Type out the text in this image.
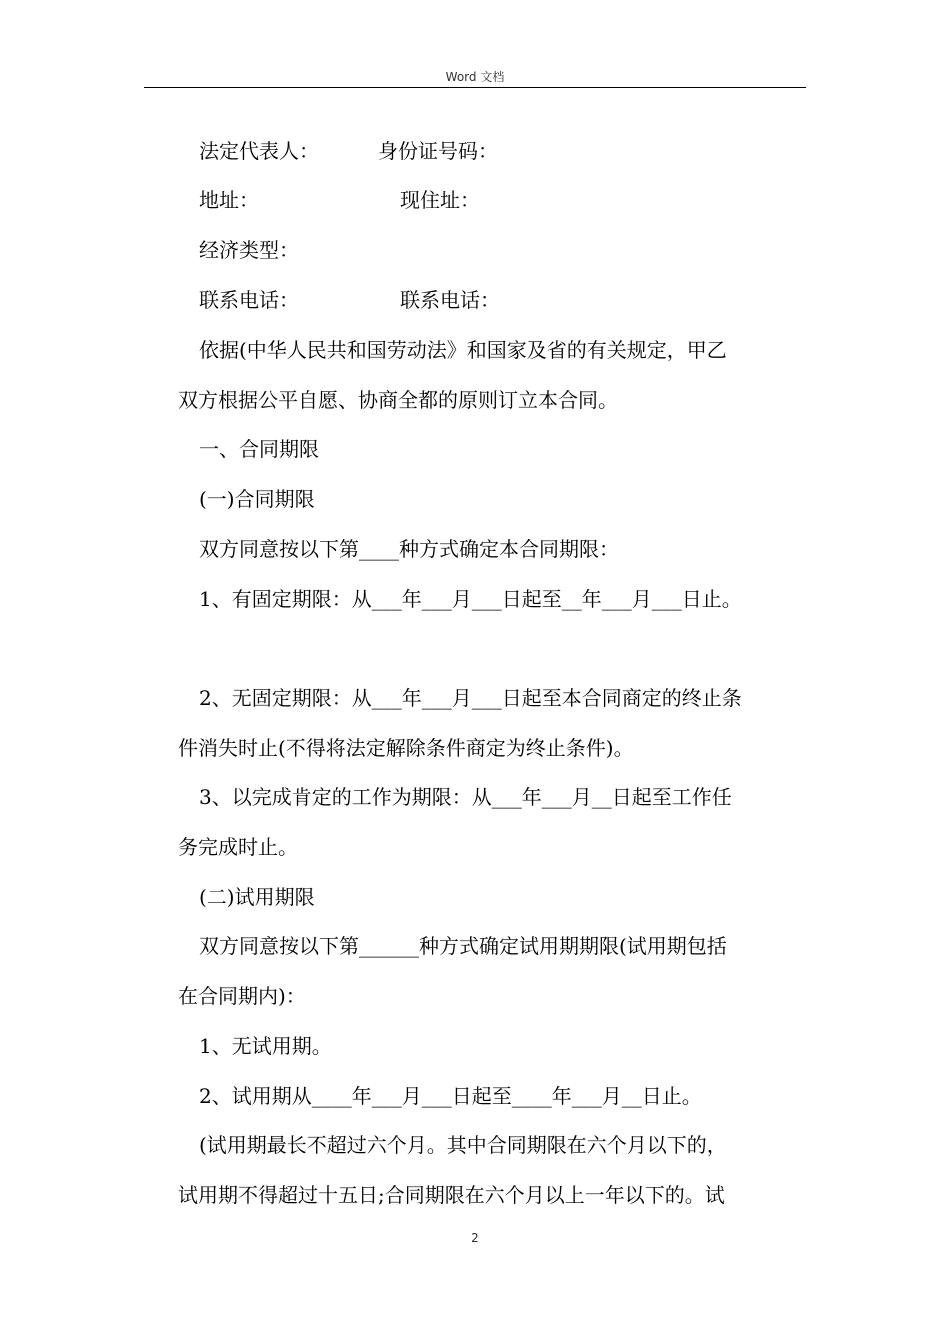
Word 文档
法定代表人：	身份证号码：
地址：	现住址：
经济类型：
联系电话：	联系电话：
依据(中华人民共和国劳动法》和国家及省的有关规定，甲乙
双方根据公平自愿、协商全都的原则订立本合同。
一、合同期限
(一)合同期限
双方同意按以下第____种方式确定本合同期限：
1、有固定期限：从___年___月___日起至__年___月___日止。
2、无固定期限：从___年___月___日起至本合同商定的终止条
件消失时止(不得将法定解除条件商定为终止条件)。
3、以完成肯定的工作为期限：从___年___月__日起至工作任
务完成时止。
(二)试用期限
双方同意按以下第______种方式确定试用期期限(试用期包括
在合同期内)：
1、无试用期。
2、试用期从____年___月___日起至____年___月__日止。
(试用期最长不超过六个月。其中合同期限在六个月以下的，
试用期不得超过十五日;合同期限在六个月以上一年以下的。试
2
